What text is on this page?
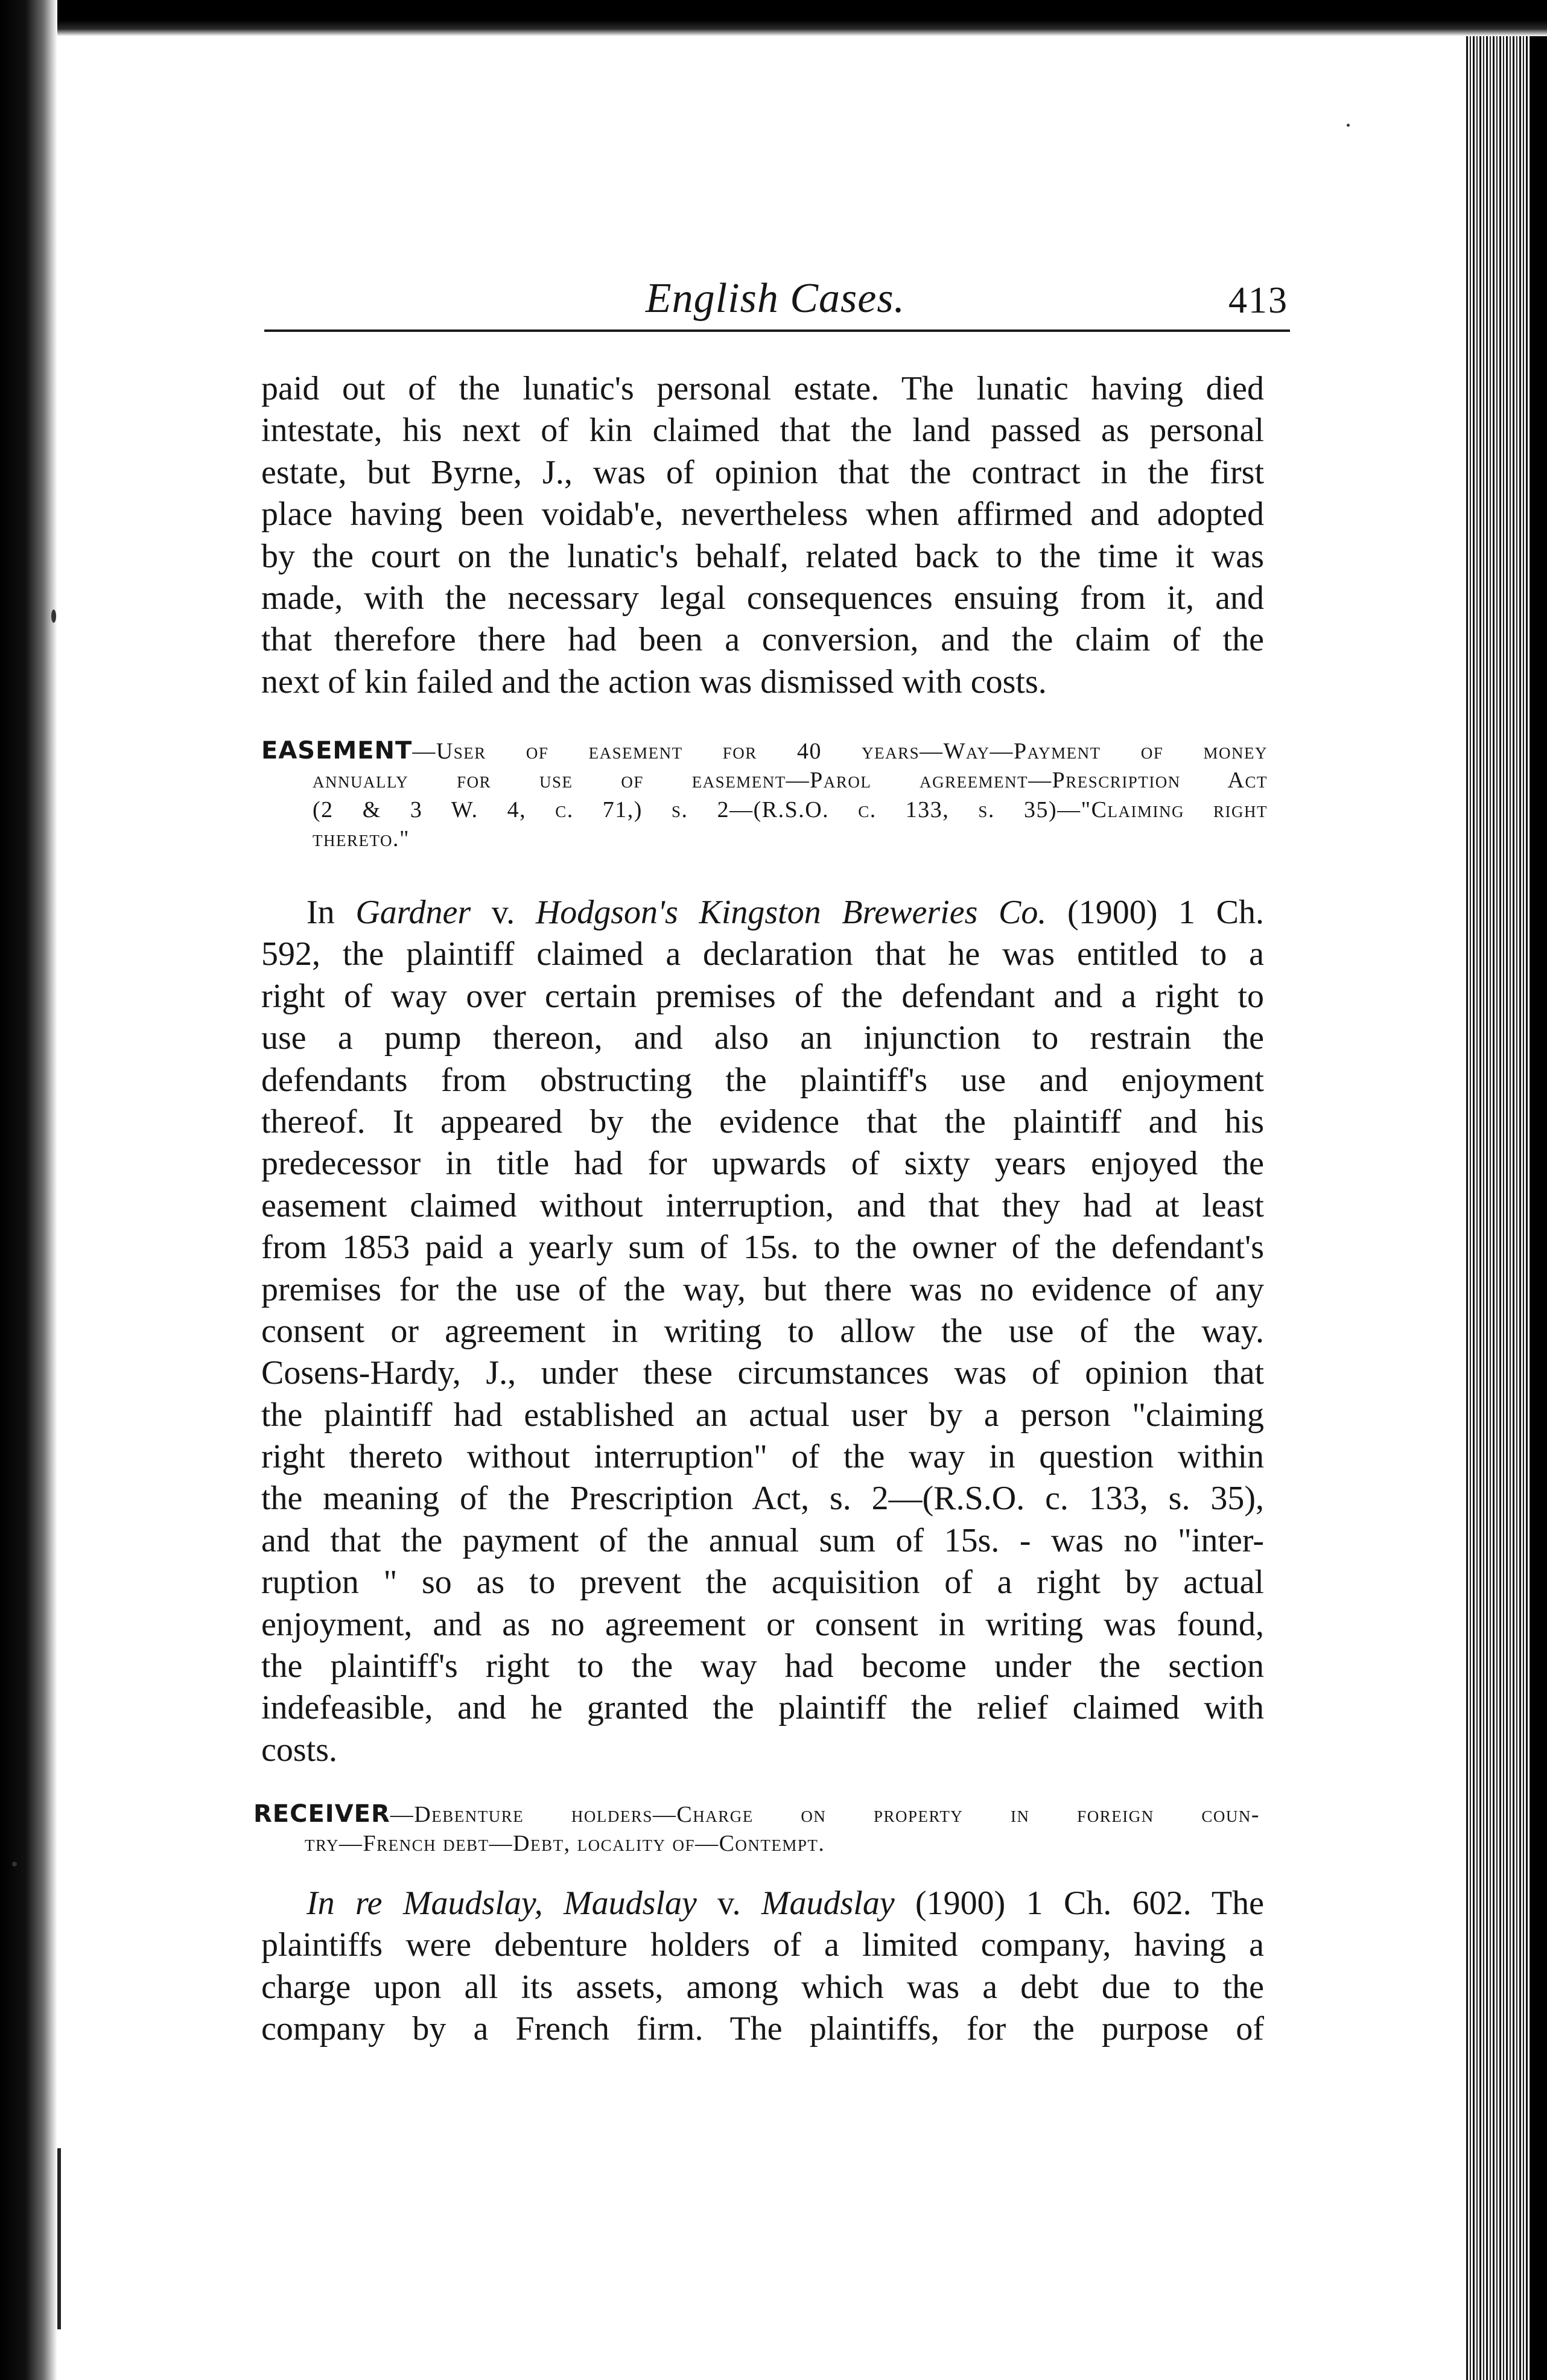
English Cases.	413
paid out of the lunatic's personal estate. The lunatic having died
intestate, his next of kin claimed that the land passed as personal
estate, but Byrne, J., was of opinion that the contract in the first
place having been voidab'e, nevertheless when affirmed and adopted
by the court on the lunatic's behalf, related back to the time it was
made, with the necessary legal consequences ensuing from it, and
that therefore there had been a conversion, and the claim of the
next of kin failed and the action was dismissed with costs.
EASEMENT—User of easement for 40 years—Way—Payment of money
annually for use of easement—Parol agreement—Prescription Act
(2 & 3 W. 4, c. 71,) s. 2—(R.S.O. c. 133, s. 35)—"Claiming right
thereto."
In Gardner v. Hodgson's Kingston Breweries Co. (1900) 1 Ch.
592, the plaintiff claimed a declaration that he was entitled to a
right of way over certain premises of the defendant and a right to
use a pump thereon, and also an injunction to restrain the
defendants from obstructing the plaintiff's use and enjoyment
thereof. It appeared by the evidence that the plaintiff and his
predecessor in title had for upwards of sixty years enjoyed the
easement claimed without interruption, and that they had at least
from 1853 paid a yearly sum of 15s. to the owner of the defendant's
premises for the use of the way, but there was no evidence of any
consent or agreement in writing to allow the use of the way.
Cosens-Hardy, J., under these circumstances was of opinion that
the plaintiff had established an actual user by a person "claiming
right thereto without interruption" of the way in question within
the meaning of the Prescription Act, s. 2—(R.S.O. c. 133, s. 35),
and that the payment of the annual sum of 15s. - was no "inter-
ruption " so as to prevent the acquisition of a right by actual
enjoyment, and as no agreement or consent in writing was found,
the plaintiff's right to the way had become under the section
indefeasible, and he granted the plaintiff the relief claimed with
costs.
RECEIVER—Debenture holders—Charge on property in foreign coun-
try—French debt—Debt, locality of—Contempt.
In re Maudslay, Maudslay v. Maudslay (1900) 1 Ch. 602. The
plaintiffs were debenture holders of a limited company, having a
charge upon all its assets, among which was a debt due to the
company by a French firm. The plaintiffs, for the purpose of
